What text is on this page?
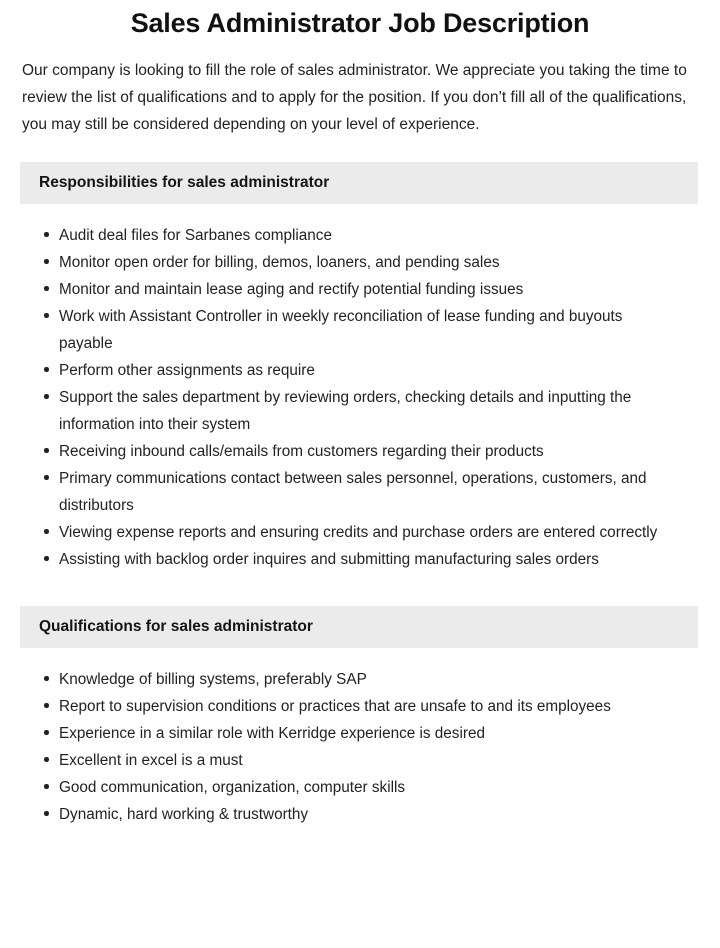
Sales Administrator Job Description

Our company is looking to fill the role of sales administrator. We appreciate you taking the time to review the list of qualifications and to apply for the position. If you don’t fill all of the qualifications, you may still be considered depending on your level of experience.

Responsibilities for sales administrator
Audit deal files for Sarbanes compliance
Monitor open order for billing, demos, loaners, and pending sales
Monitor and maintain lease aging and rectify potential funding issues
Work with Assistant Controller in weekly reconciliation of lease funding and buyouts payable
Perform other assignments as require
Support the sales department by reviewing orders, checking details and inputting the information into their system
Receiving inbound calls/emails from customers regarding their products
Primary communications contact between sales personnel, operations, customers, and distributors
Viewing expense reports and ensuring credits and purchase orders are entered correctly
Assisting with backlog order inquires and submitting manufacturing sales orders
Qualifications for sales administrator
Knowledge of billing systems, preferably SAP
Report to supervision conditions or practices that are unsafe to and its employees
Experience in a similar role with Kerridge experience is desired
Excellent in excel is a must
Good communication, organization, computer skills
Dynamic, hard working & trustworthy
